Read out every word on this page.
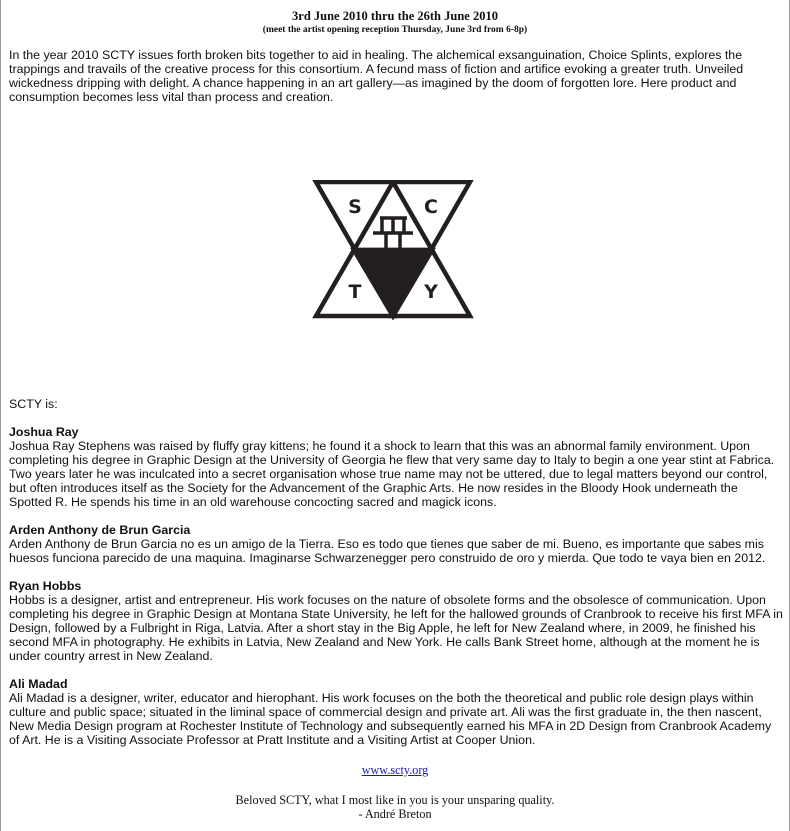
3rd June 2010 thru the 26th June 2010
(meet the artist opening reception Thursday, June 3rd from 6-8p)

In the year 2010 SCTY issues forth broken bits together to aid in healing. The alchemical exsanguination, Choice Splints, explores the trappings and travails of the creative process for this consortium. A fecund mass of fiction and artifice evoking a greater truth. Unveiled wickedness dripping with delight. A chance happening in an art gallery—as imagined by the doom of forgotten lore. Here product and consumption becomes less vital than process and creation.

S	C
T	Y

SCTY is:

Joshua Ray
Joshua Ray Stephens was raised by fluffy gray kittens; he found it a shock to learn that this was an abnormal family environment. Upon completing his degree in Graphic Design at the University of Georgia he flew that very same day to Italy to begin a one year stint at Fabrica. Two years later he was inculcated into a secret organisation whose true name may not be uttered, due to legal matters beyond our control, but often introduces itself as the Society for the Advancement of the Graphic Arts. He now resides in the Bloody Hook underneath the Spotted R. He spends his time in an old warehouse concocting sacred and magick icons.
Arden Anthony de Brun Garcia
Arden Anthony de Brun Garcia no es un amigo de la Tierra. Eso es todo que tienes que saber de mi. Bueno, es importante que sabes mis huesos funciona parecido de una maquina. Imaginarse Schwarzenegger pero construido de oro y mierda. Que todo te vaya bien en 2012.
Ryan Hobbs
Hobbs is a designer, artist and entrepreneur. His work focuses on the nature of obsolete forms and the obsolesce of communication. Upon completing his degree in Graphic Design at Montana State University, he left for the hallowed grounds of Cranbrook to receive his first MFA in Design, followed by a Fulbright in Riga, Latvia. After a short stay in the Big Apple, he left for New Zealand where, in 2009, he finished his second MFA in photography. He exhibits in Latvia, New Zealand and New York. He calls Bank Street home, although at the moment he is under country arrest in New Zealand.
Ali Madad
Ali Madad is a designer, writer, educator and hierophant. His work focuses on the both the theoretical and public role design plays within culture and public space; situated in the liminal space of commercial design and private art. Ali was the first graduate in, the then nascent, New Media Design program at Rochester Institute of Technology and subsequently earned his MFA in 2D Design from Cranbrook Academy of Art. He is a Visiting Associate Professor at Pratt Institute and a Visiting Artist at Cooper Union.
www.scty.org
Beloved SCTY, what I most like in you is your unsparing quality.
- André Breton
